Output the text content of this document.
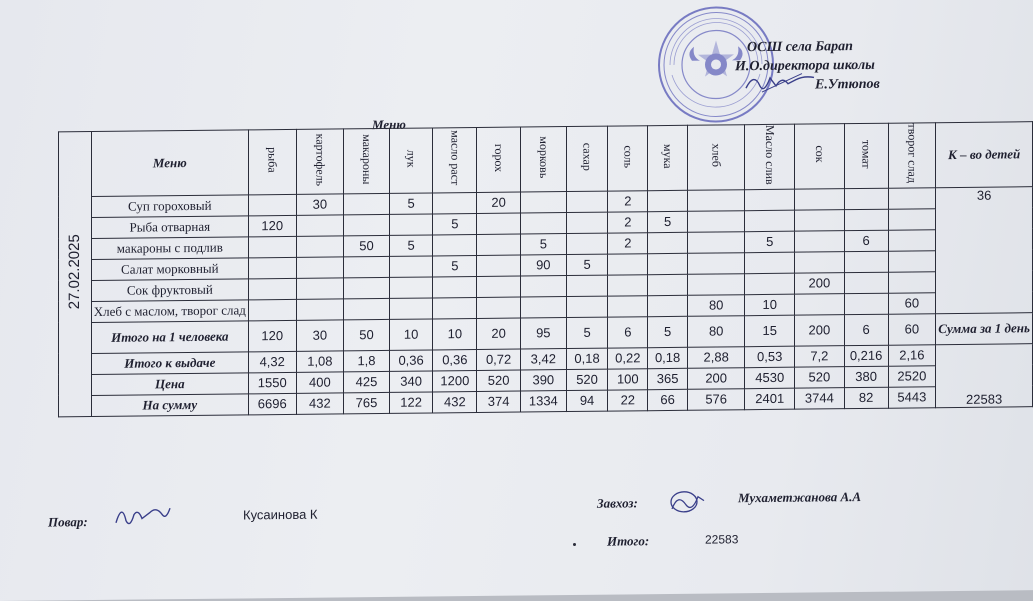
ОСШ села Барап
И.О.директора школы
Е.Утюпов
Меню
27.02.2025	Меню	рыба	картофель	макароны	лук	масло раст	горох	морковь	сахар	соль	мука	хлеб	Масло слив	сок	томат	творог слад	К – во детей
	Суп гороховый		30		5		20			2							36
	Рыба отварная	120				5				2	5						
	макароны с подлив			50	5			5		2			5		6		
	Салат морковный					5		90	5								
	Сок фруктовый													200			
	Хлеб с маслом, творог слад											80	10			60	
	Итого на 1 человека	120	30	50	10	10	20	95	5	6	5	80	15	200	6	60	Сумма за 1 день
	Итого к выдаче	4,32	1,08	1,8	0,36	0,36	0,72	3,42	0,18	0,22	0,18	2,88	0,53	7,2	0,216	2,16	22583
	Цена	1550	400	425	340	1200	520	390	520	100	365	200	4530	520	380	2520	
	На сумму	6696	432	765	122	432	374	1334	94	22	66	576	2401	3744	82	5443	
Повар:	Кусаинова К
Завхоз:	Мухаметжанова А.А
Итого:	22583
